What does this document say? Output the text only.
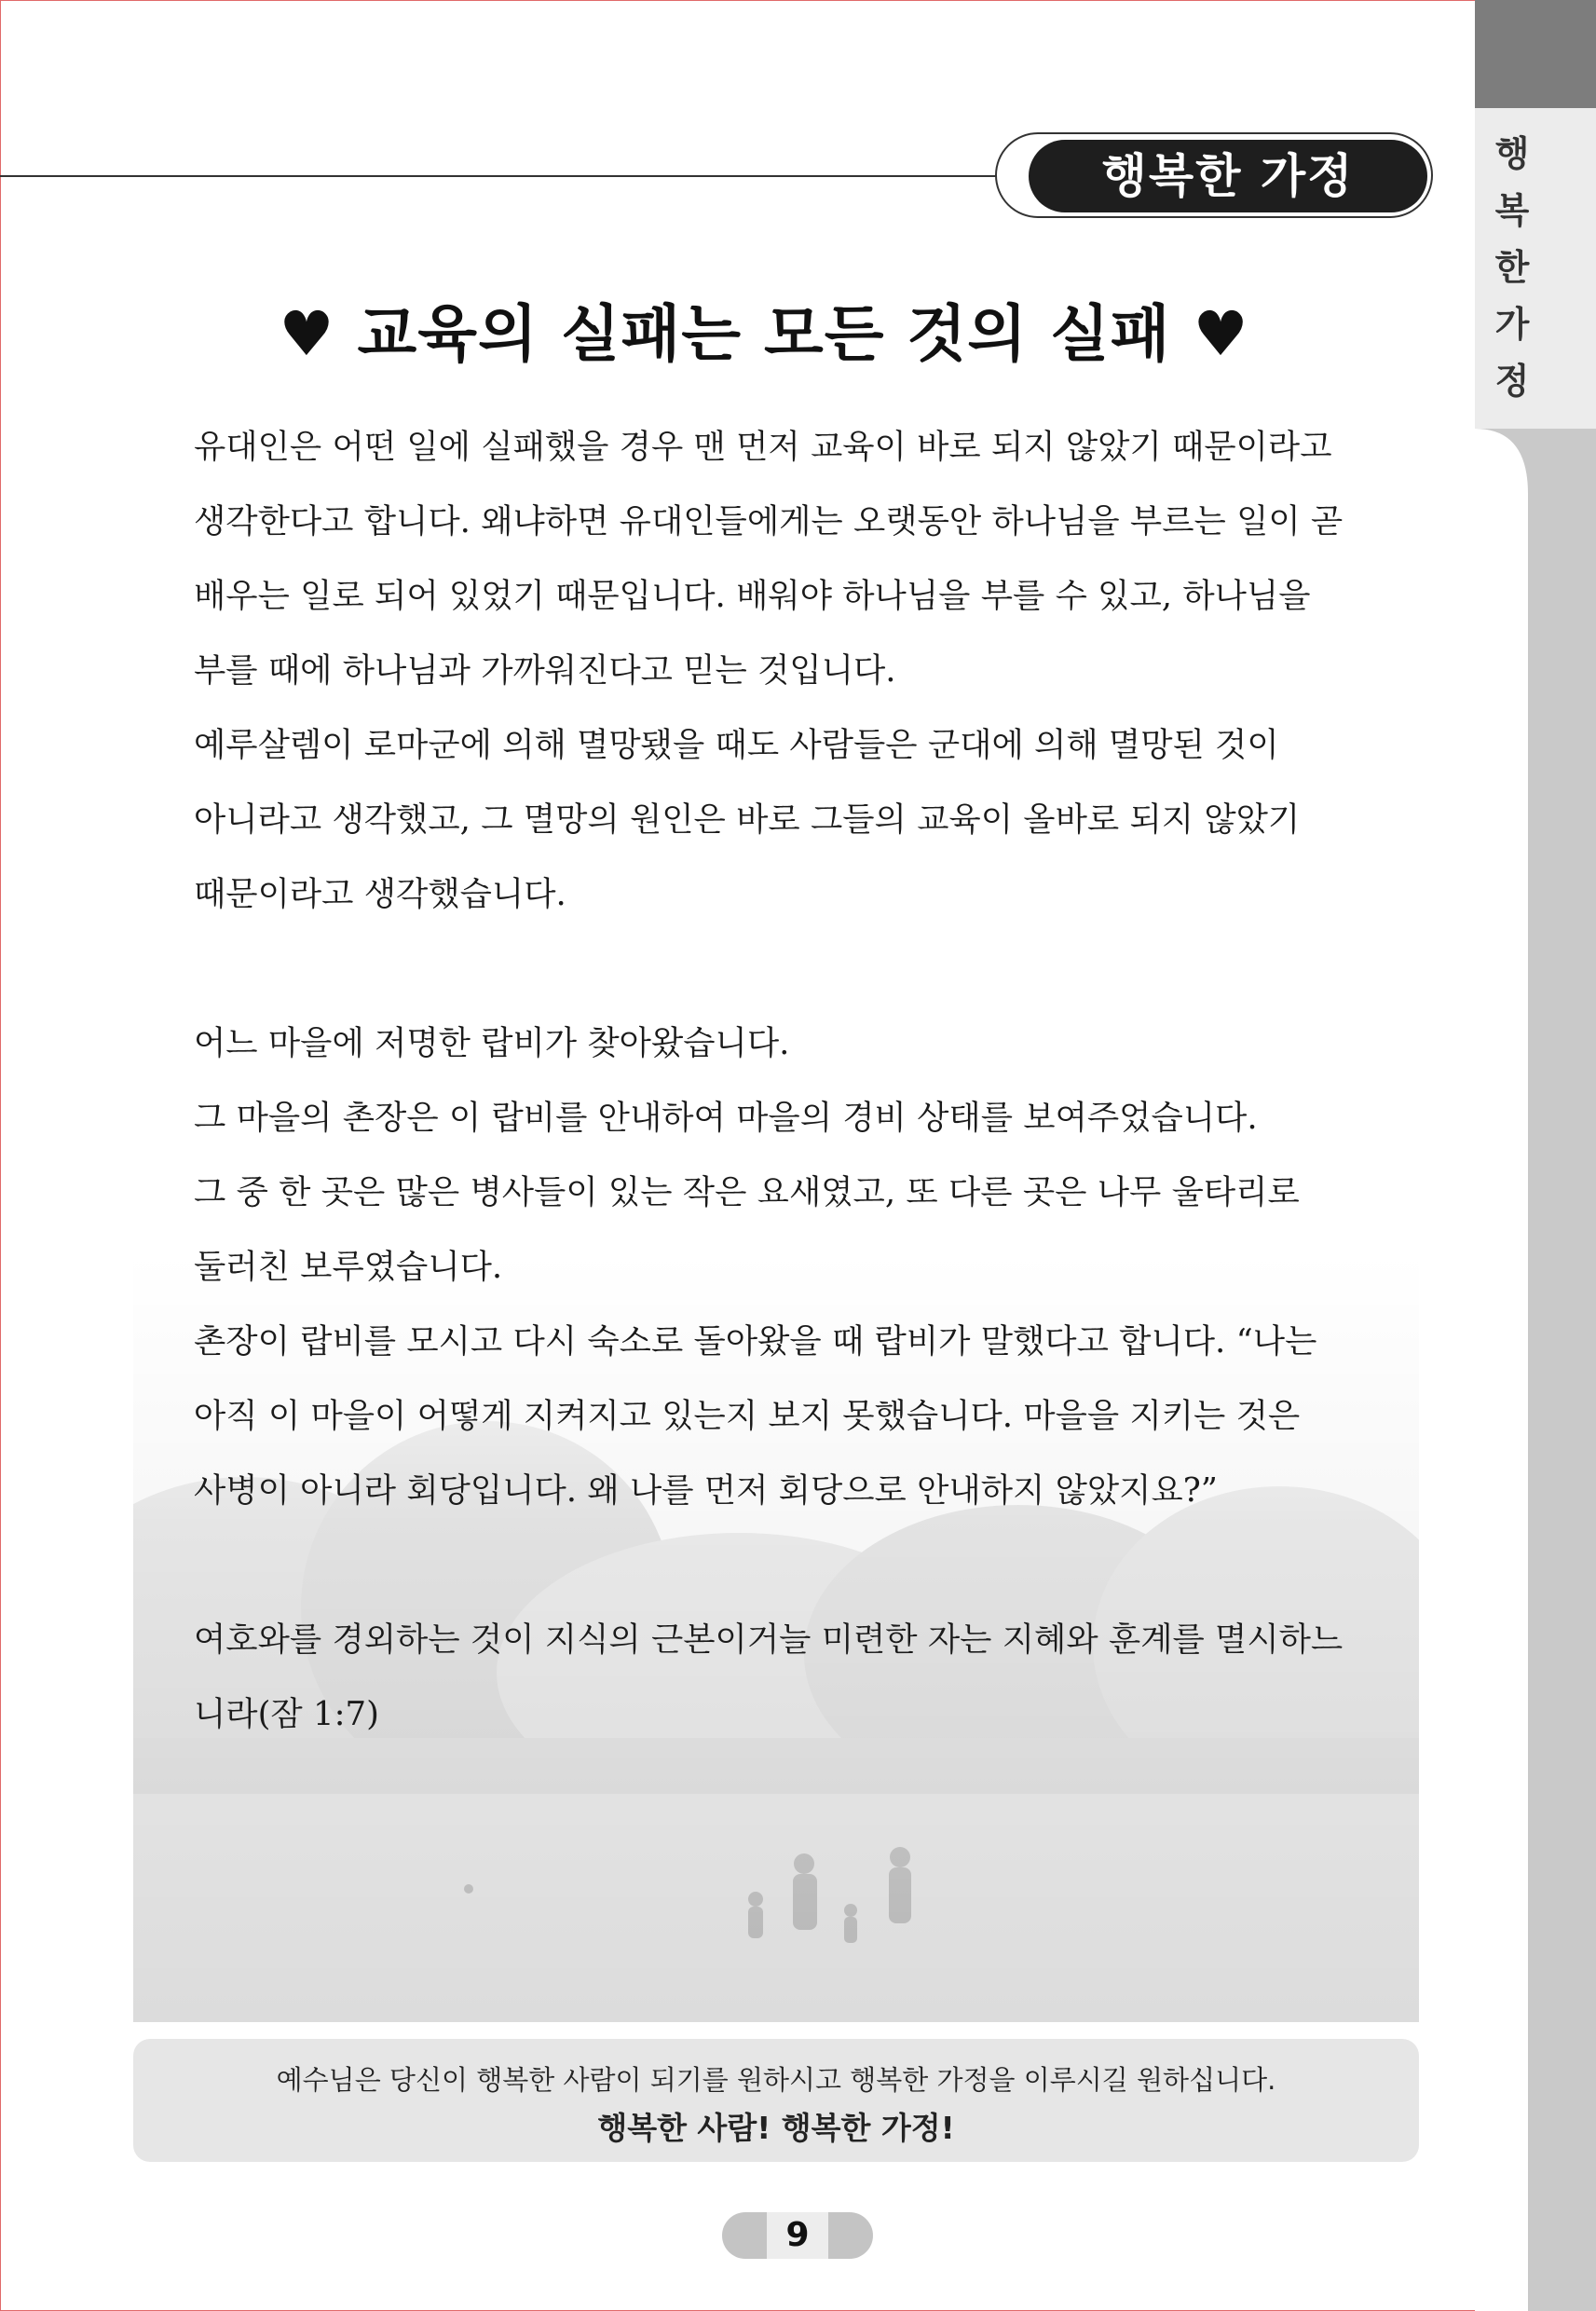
행
복
한
가
정
행복한 가정
♥ 교육의 실패는 모든 것의 실패 ♥

유대인은 어떤 일에 실패했을 경우 맨 먼저 교육이 바로 되지 않았기 때문이라고

생각한다고 합니다. 왜냐하면 유대인들에게는 오랫동안 하나님을 부르는 일이 곧

배우는 일로 되어 있었기 때문입니다. 배워야 하나님을 부를 수 있고, 하나님을

부를 때에 하나님과 가까워진다고 믿는 것입니다.

예루살렘이 로마군에 의해 멸망됐을 때도 사람들은 군대에 의해 멸망된 것이

아니라고 생각했고, 그 멸망의 원인은 바로 그들의 교육이 올바로 되지 않았기

때문이라고 생각했습니다.

어느 마을에 저명한 랍비가 찾아왔습니다.

그 마을의 촌장은 이 랍비를 안내하여 마을의 경비 상태를 보여주었습니다.

그 중 한 곳은 많은 병사들이 있는 작은 요새였고, 또 다른 곳은 나무 울타리로

둘러친 보루였습니다.

촌장이 랍비를 모시고 다시 숙소로 돌아왔을 때 랍비가 말했다고 합니다. “나는

아직 이 마을이 어떻게 지켜지고 있는지 보지 못했습니다. 마을을 지키는 것은

사병이 아니라 회당입니다. 왜 나를 먼저 회당으로 안내하지 않았지요?”

여호와를 경외하는 것이 지식의 근본이거늘 미련한 자는 지혜와 훈계를 멸시하느

니라(잠 1:7)

예수님은 당신이 행복한 사람이 되기를 원하시고 행복한 가정을 이루시길 원하십니다.
행복한 사람! 행복한 가정!
9
